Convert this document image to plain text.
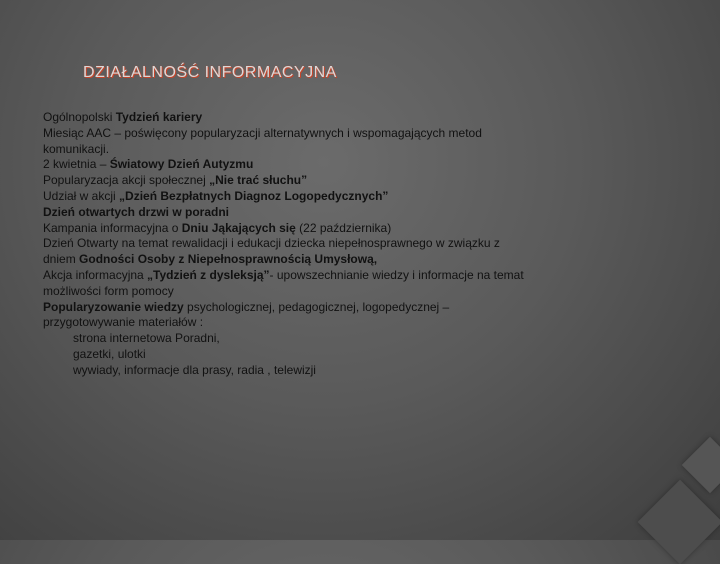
DZIAŁALNOŚĆ INFORMACYJNA
Ogólnopolski Tydzień kariery
Miesiąc AAC – poświęcony popularyzacji alternatywnych i wspomagających metod
komunikacji.
2 kwietnia – Światowy Dzień Autyzmu
Popularyzacja akcji społecznej „Nie trać słuchu”
Udział w akcji „Dzień Bezpłatnych Diagnoz Logopedycznych”
Dzień otwartych drzwi w poradni
Kampania informacyjna o Dniu Jąkających się (22 października)
Dzień Otwarty na temat rewalidacji i edukacji dziecka niepełnosprawnego w związku z
dniem Godności Osoby z Niepełnosprawnością Umysłową,
Akcja informacyjna „Tydzień z dysleksją”- upowszechnianie wiedzy i informacje na temat
możliwości form pomocy
Popularyzowanie wiedzy psychologicznej, pedagogicznej, logopedycznej –
przygotowywanie materiałów :
strona internetowa Poradni,
gazetki, ulotki
wywiady, informacje dla prasy, radia , telewizji
